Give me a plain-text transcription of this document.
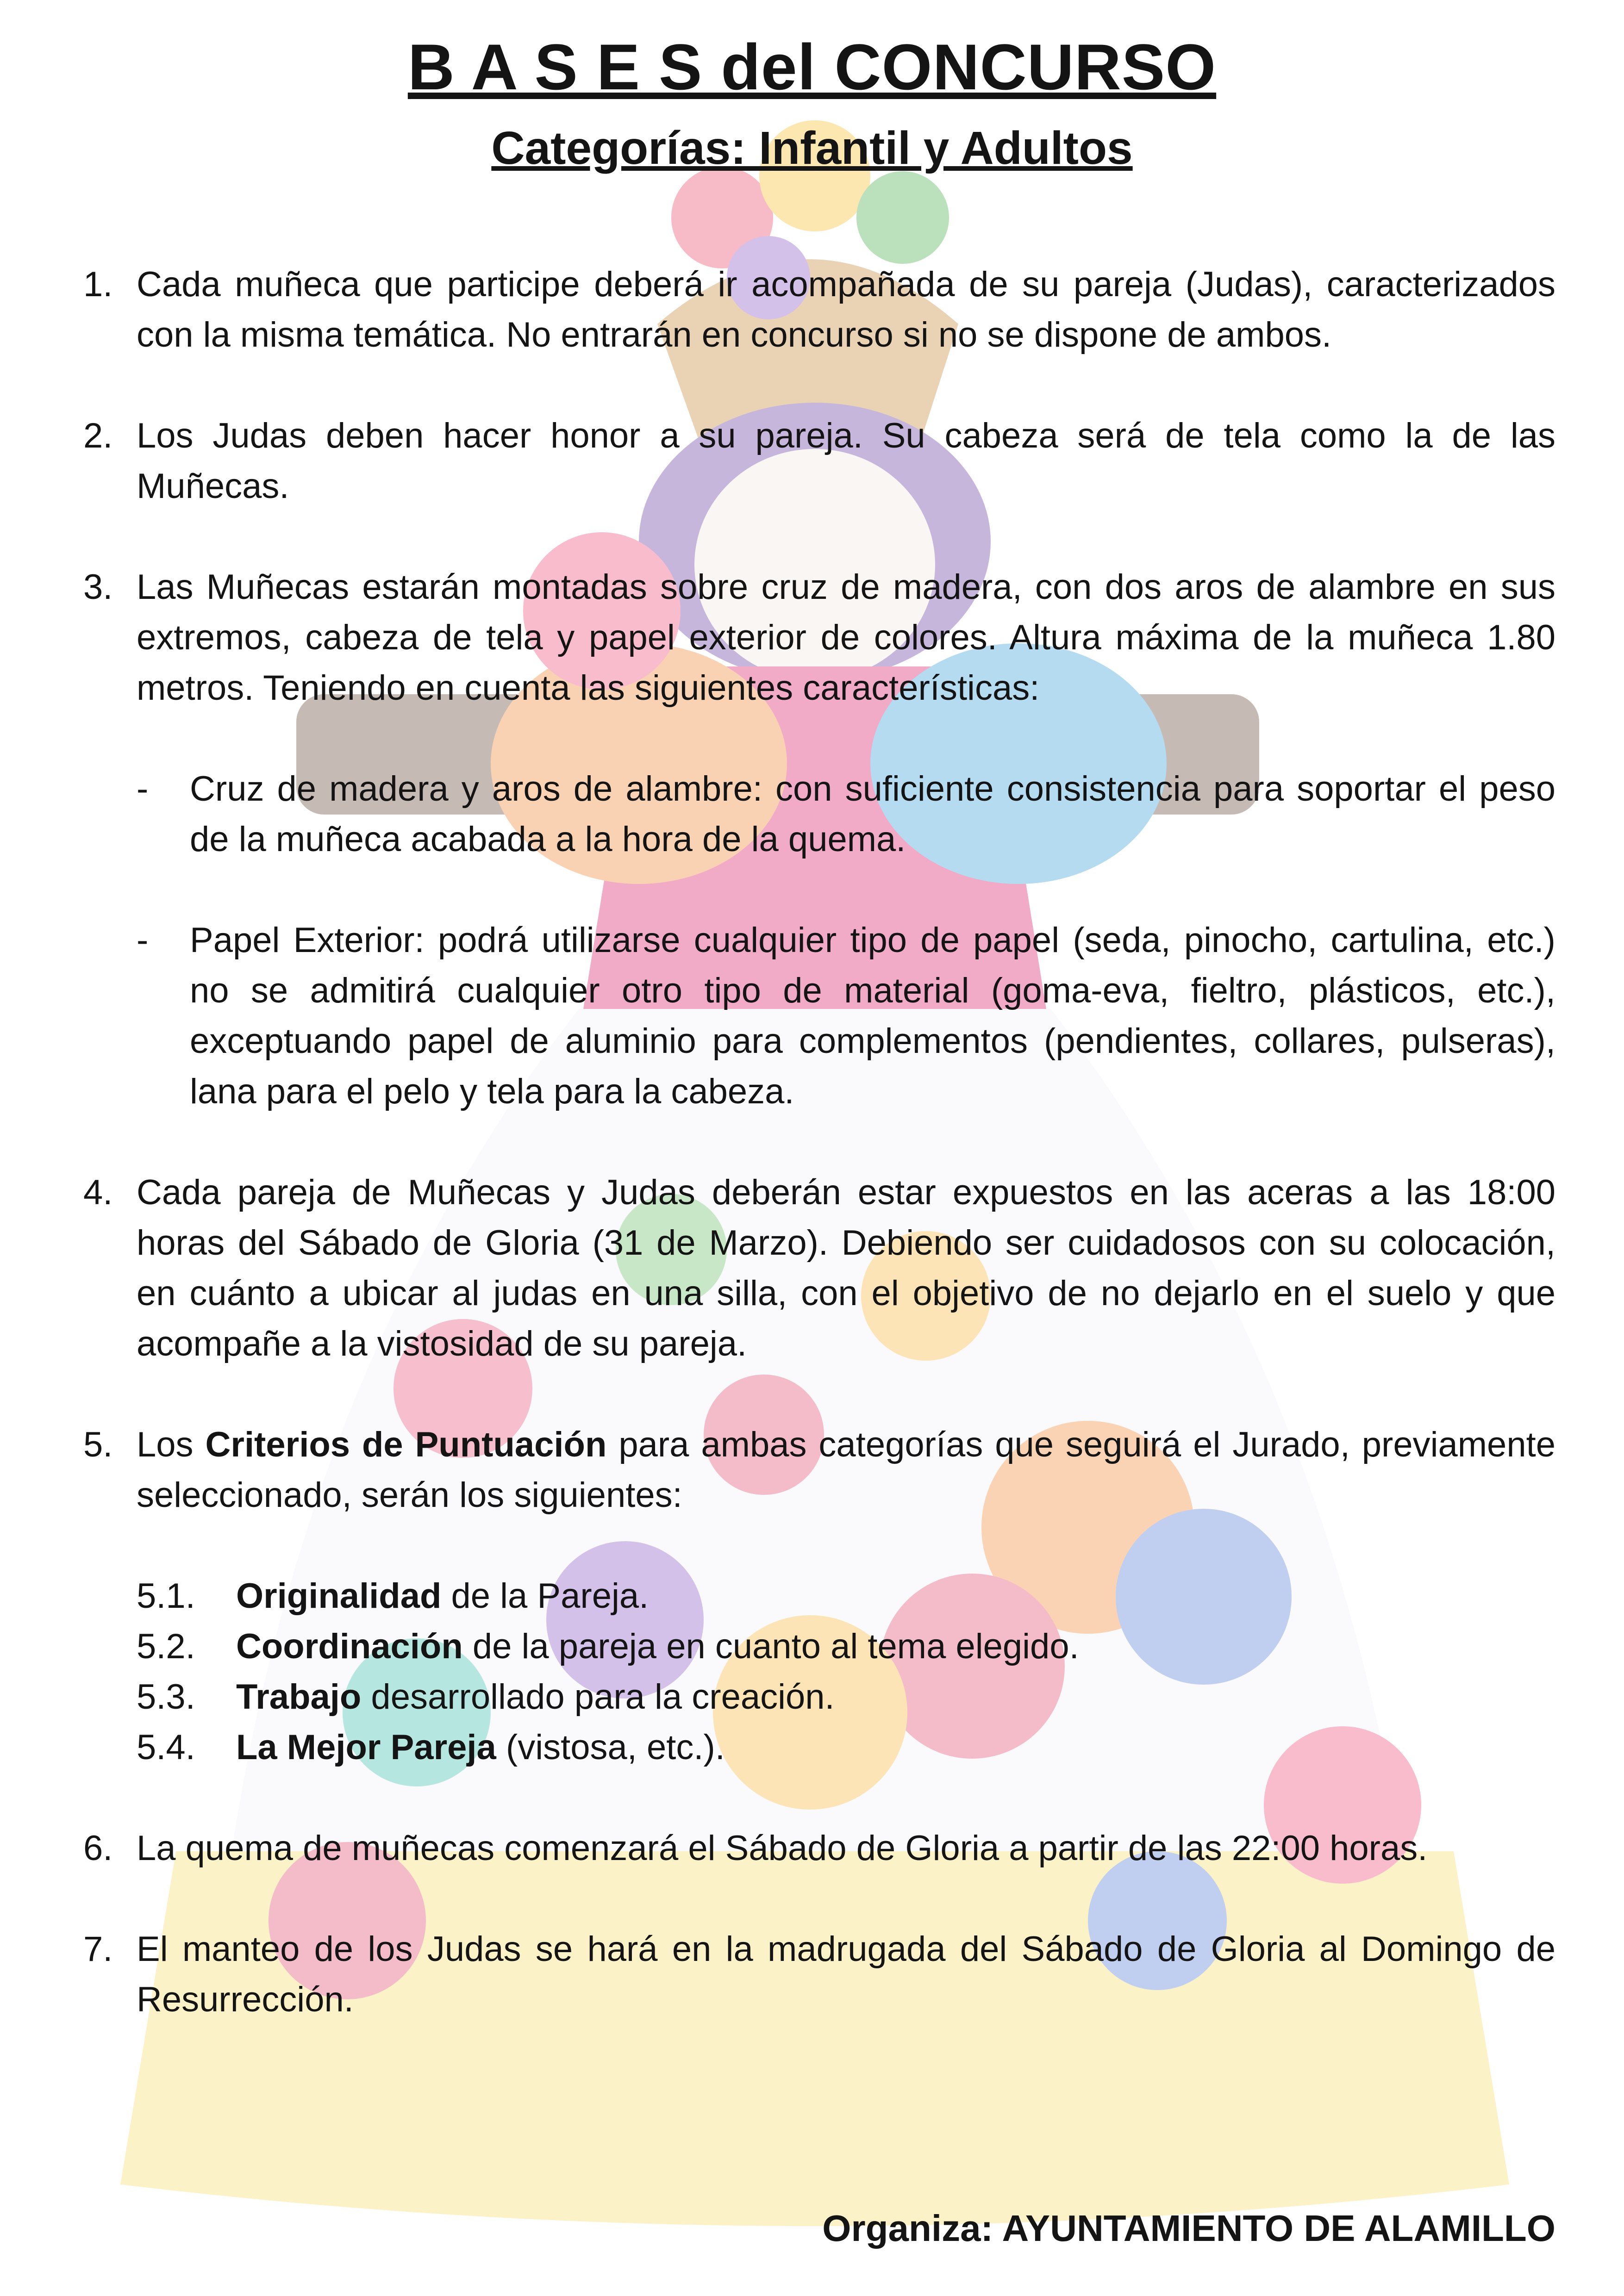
B A S E S del CONCURSO
Categorías: Infantil y Adultos
1. Cada muñeca que participe deberá ir acompañada de su pareja (Judas), caracterizados con la misma temática. No entrarán en concurso si no se dispone de ambos.

2. Los Judas deben hacer honor a su pareja. Su cabeza será de tela como la de las Muñecas.

3. Las Muñecas estarán montadas sobre cruz de madera, con dos aros de alambre en sus extremos, cabeza de tela y papel exterior de colores. Altura máxima de la muñeca 1.80 metros. Teniendo en cuenta las siguientes características:

- Cruz de madera y aros de alambre: con suficiente consistencia para soportar el peso de la muñeca acabada a la hora de la quema.

- Papel Exterior: podrá utilizarse cualquier tipo de papel (seda, pinocho, cartulina, etc.) no se admitirá cualquier otro tipo de material (goma-eva, fieltro, plásticos, etc.), exceptuando papel de aluminio para complementos (pendientes, collares, pulseras), lana para el pelo y tela para la cabeza.

4. Cada pareja de Muñecas y Judas deberán estar expuestos en las aceras a las 18:00 horas del Sábado de Gloria (31 de Marzo). Debiendo ser cuidadosos con su colocación, en cuánto a ubicar al judas en una silla, con el objetivo de no dejarlo en el suelo y que acompañe a la vistosidad de su pareja.

5. Los Criterios de Puntuación para ambas categorías que seguirá el Jurado, previamente seleccionado, serán los siguientes:

5.1. Originalidad de la Pareja.
5.2. Coordinación de la pareja en cuanto al tema elegido.
5.3. Trabajo desarrollado para la creación.
5.4. La Mejor Pareja (vistosa, etc.).
6. La quema de muñecas comenzará el Sábado de Gloria a partir de las 22:00 horas.

7. El manteo de los Judas se hará en la madrugada del Sábado de Gloria al Domingo de Resurrección.

Organiza: AYUNTAMIENTO DE ALAMILLO
